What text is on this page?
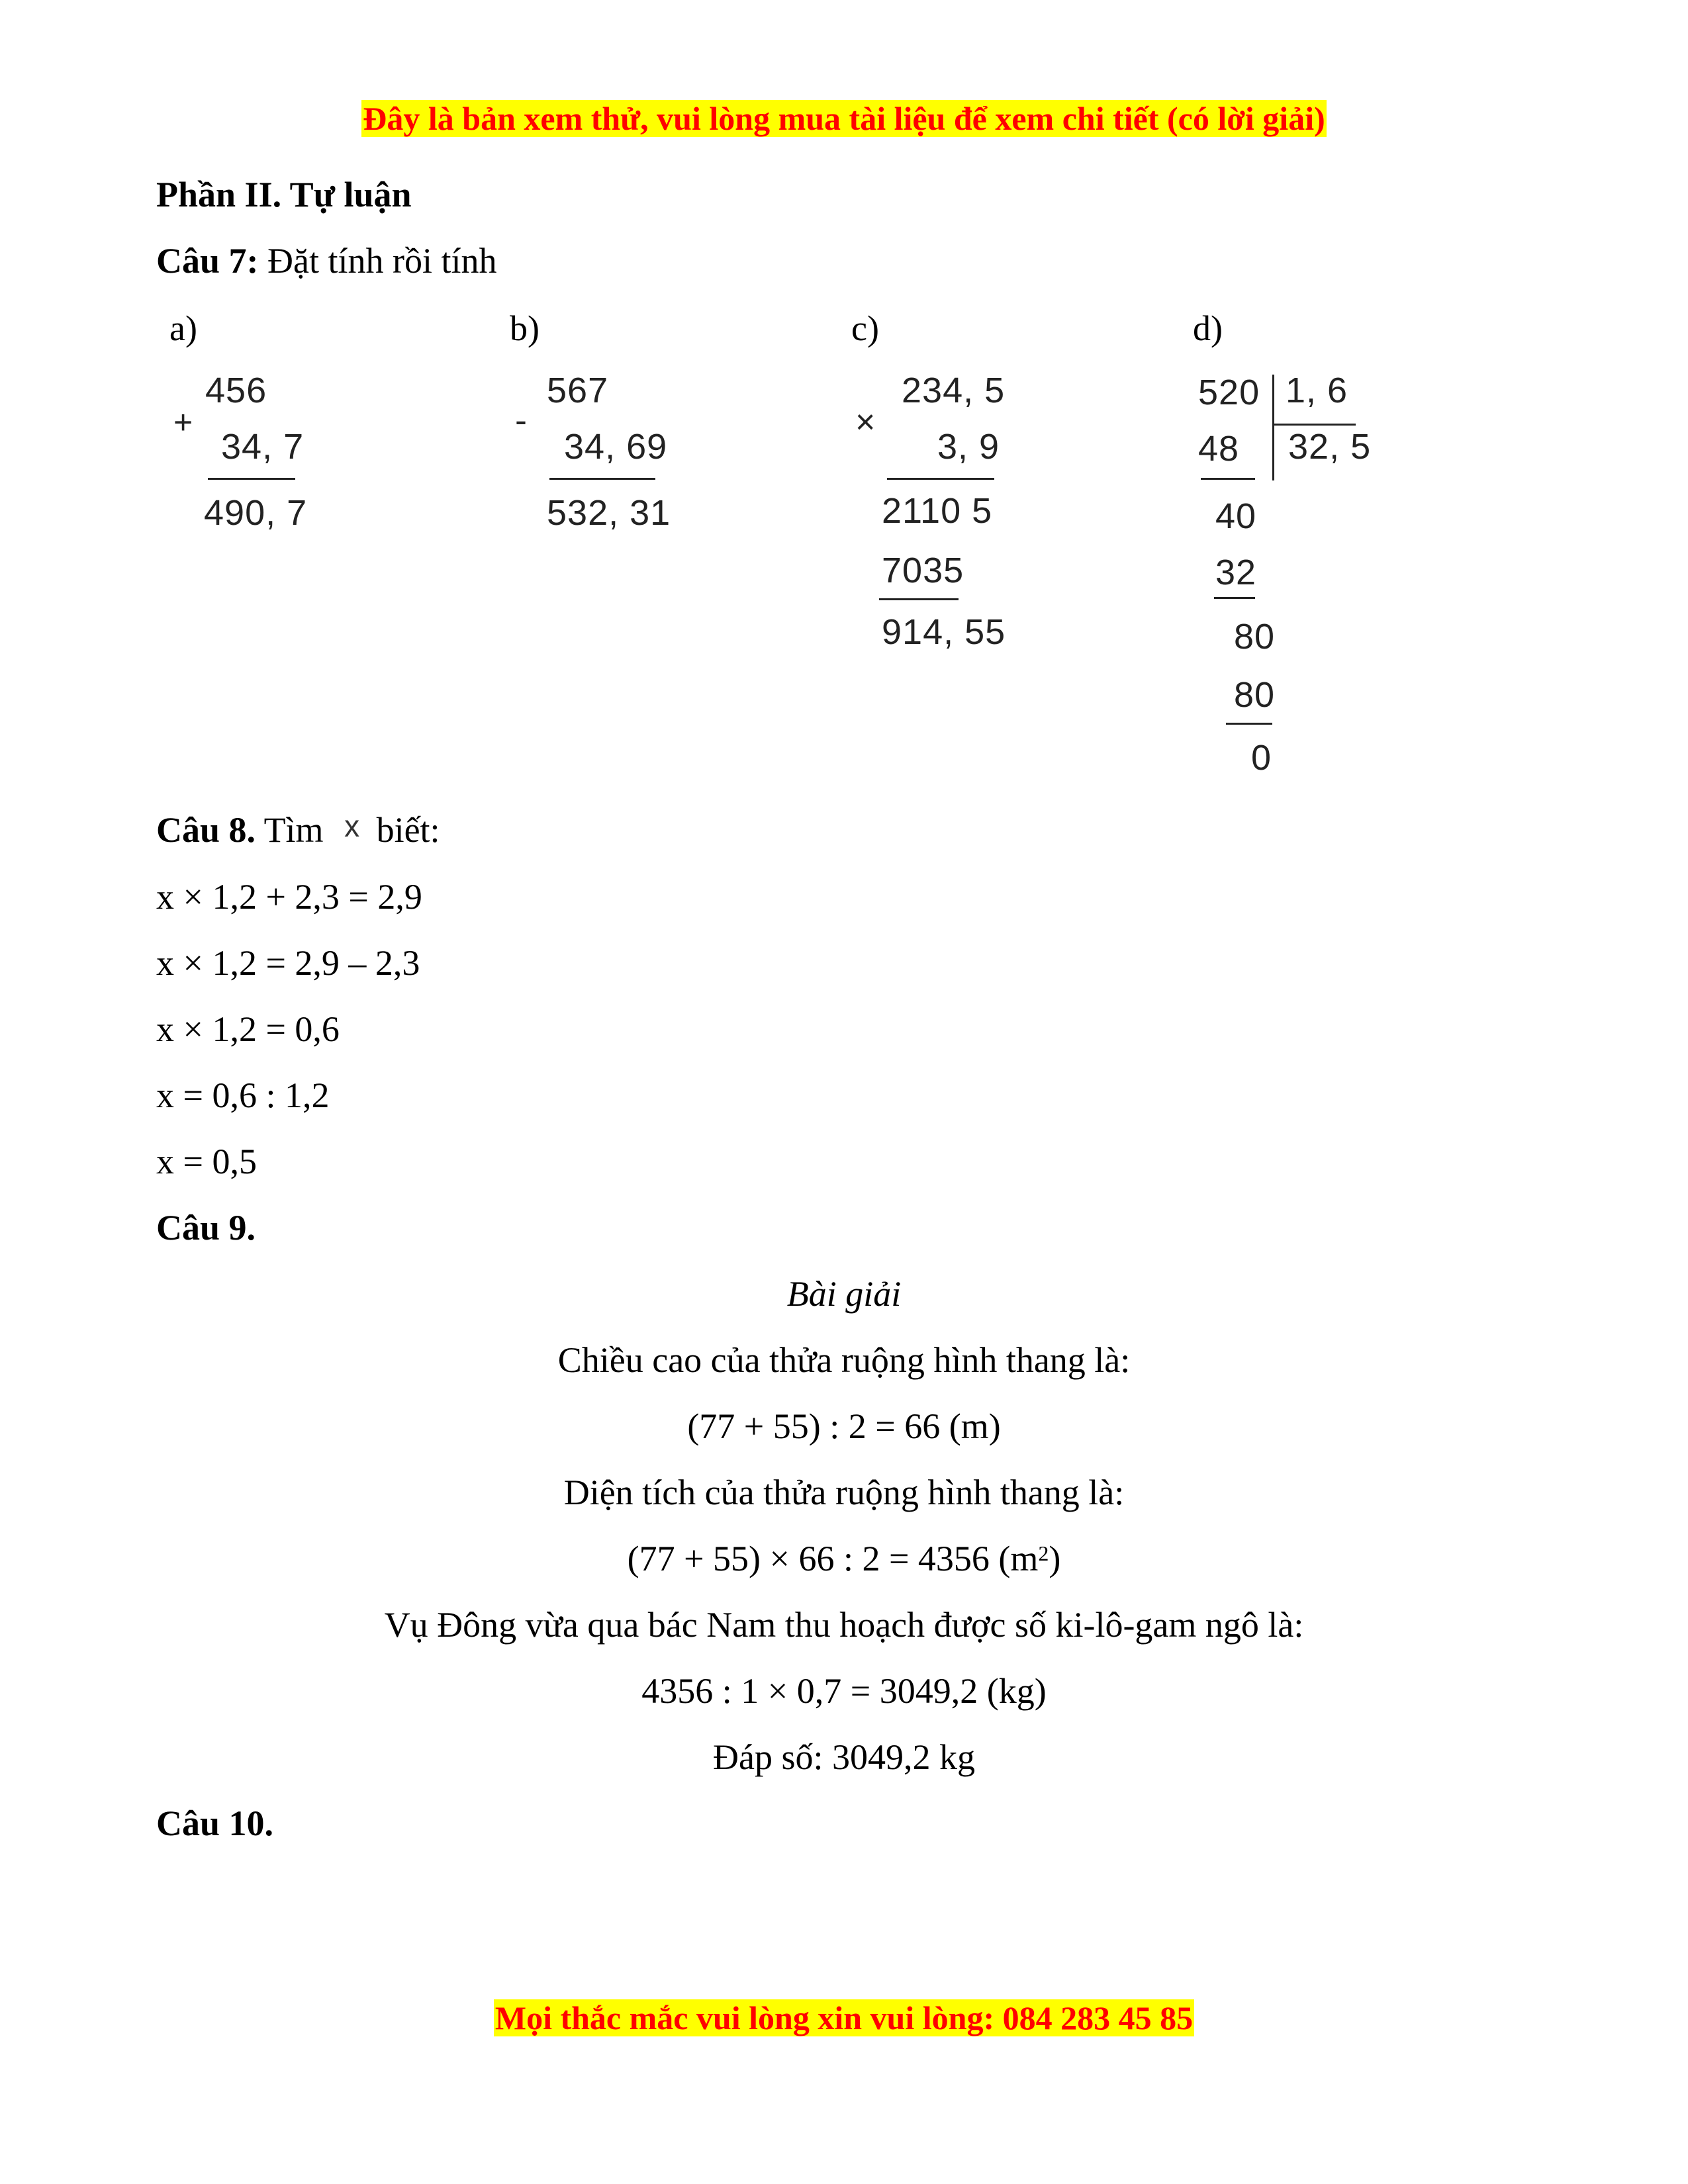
Đây là bản xem thử, vui lòng mua tài liệu để xem chi tiết (có lời giải)
Phần II. Tự luận
Câu 7: Đặt tính rồi tính
a)
456
+
34, 7
490, 7
b)
567
-
34, 69
532, 31
c)
234, 5
×
3, 9
2110 5
7035
914, 55
d)
520 1, 6
32, 5
48
40
32
80
80
0
Câu 8. Tìm x biết:
x × 1,2 + 2,3 = 2,9
x × 1,2 = 2,9 – 2,3
x × 1,2 = 0,6
x = 0,6 : 1,2
x = 0,5
Câu 9.
Bài giải
Chiều cao của thửa ruộng hình thang là:
(77 + 55) : 2 = 66 (m)
Diện tích của thửa ruộng hình thang là:
(77 + 55) × 66 : 2 = 4356 $(m^2)$
Vụ Đông vừa qua bác Nam thu hoạch được số ki-lô-gam ngô là:
4356 : 1 × 0,7 = 3049,2 (kg)
Đáp số: 3049,2 kg
Câu 10.
Mọi thắc mắc vui lòng xin vui lòng: 084 283 45 85
